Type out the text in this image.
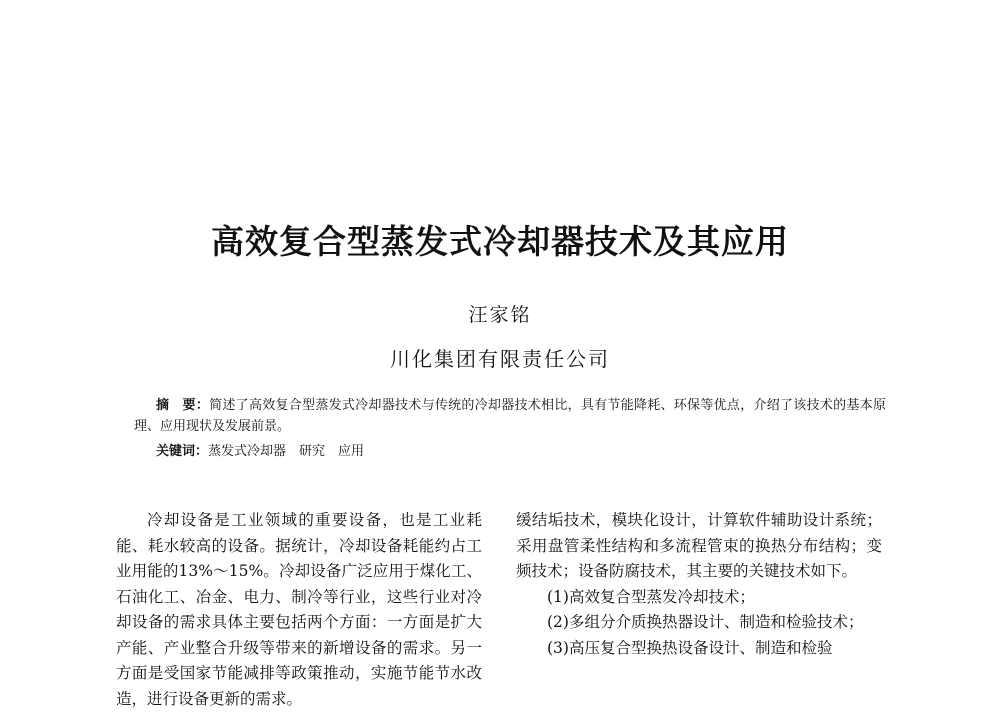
高效复合型蒸发式冷却器技术及其应用
汪家铭
川化集团有限责任公司
摘　要：简述了高效复合型蒸发式冷却器技术与传统的冷却器技术相比，具有节能降耗、环保等优点，介绍了该技术的基本原理、应用现状及发展前景。
关键词：蒸发式冷却器　研究　应用

冷却设备是工业领域的重要设备，也是工业耗能、耗水较高的设备。据统计，冷却设备耗能约占工业用能的13%～15%。冷却设备广泛应用于煤化工、石油化工、冶金、电力、制冷等行业，这些行业对冷却设备的需求具体主要包括两个方面：一方面是扩大产能、产业整合升级等带来的新增设备的需求。另一方面是受国家节能减排等政策推动，实施节能节水改造，进行设备更新的需求。

缓结垢技术，模块化设计，计算软件辅助设计系统；采用盘管柔性结构和多流程管束的换热分布结构；变频技术；设备防腐技术，其主要的关键技术如下。

(1)高效复合型蒸发冷却技术；

(2)多组分介质换热器设计、制造和检验技术；

(3)高压复合型换热设备设计、制造和检验
